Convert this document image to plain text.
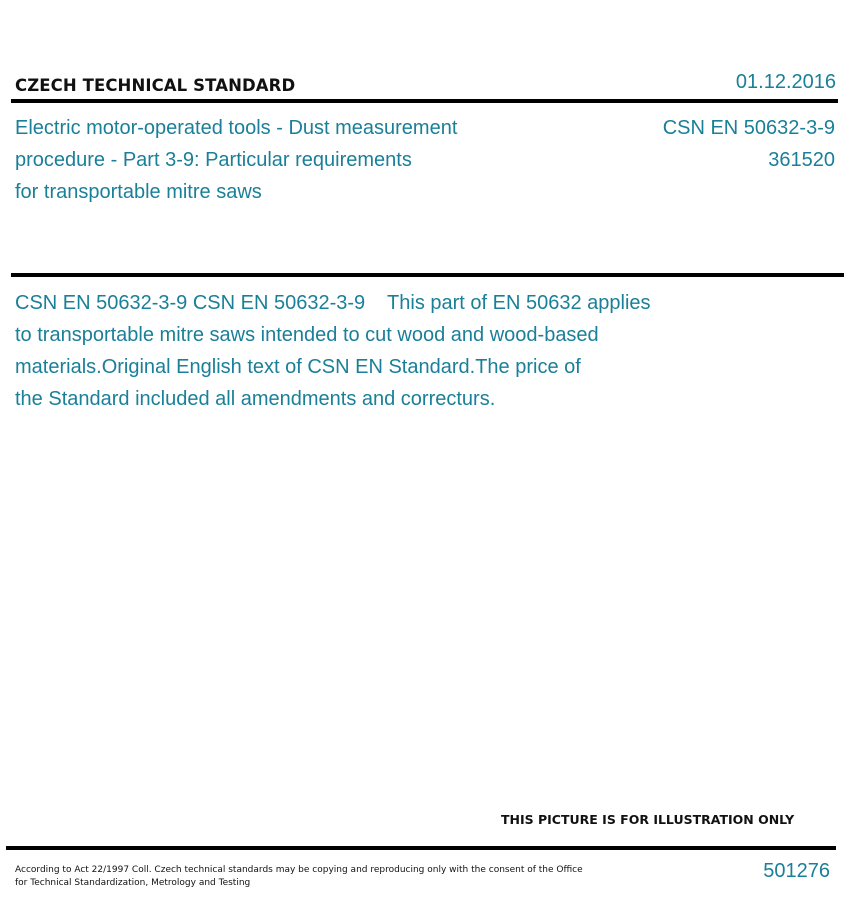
CZECH TECHNICAL STANDARD	01.12.2016
Electric motor-operated tools - Dust measurement
procedure - Part 3-9: Particular requirements
for transportable mitre saws
CSN EN 50632-3-9
361520
CSN EN 50632-3-9 CSN EN 50632-3-9    This part of EN 50632 applies
to transportable mitre saws intended to cut wood and wood-based
materials.Original English text of CSN EN Standard.The price of
the Standard included all amendments and correcturs.
THIS PICTURE IS FOR ILLUSTRATION ONLY
According to Act 22/1997 Coll. Czech technical standards may be copying and reproducing only with the consent of the Office
for Technical Standardization, Metrology and Testing
501276
